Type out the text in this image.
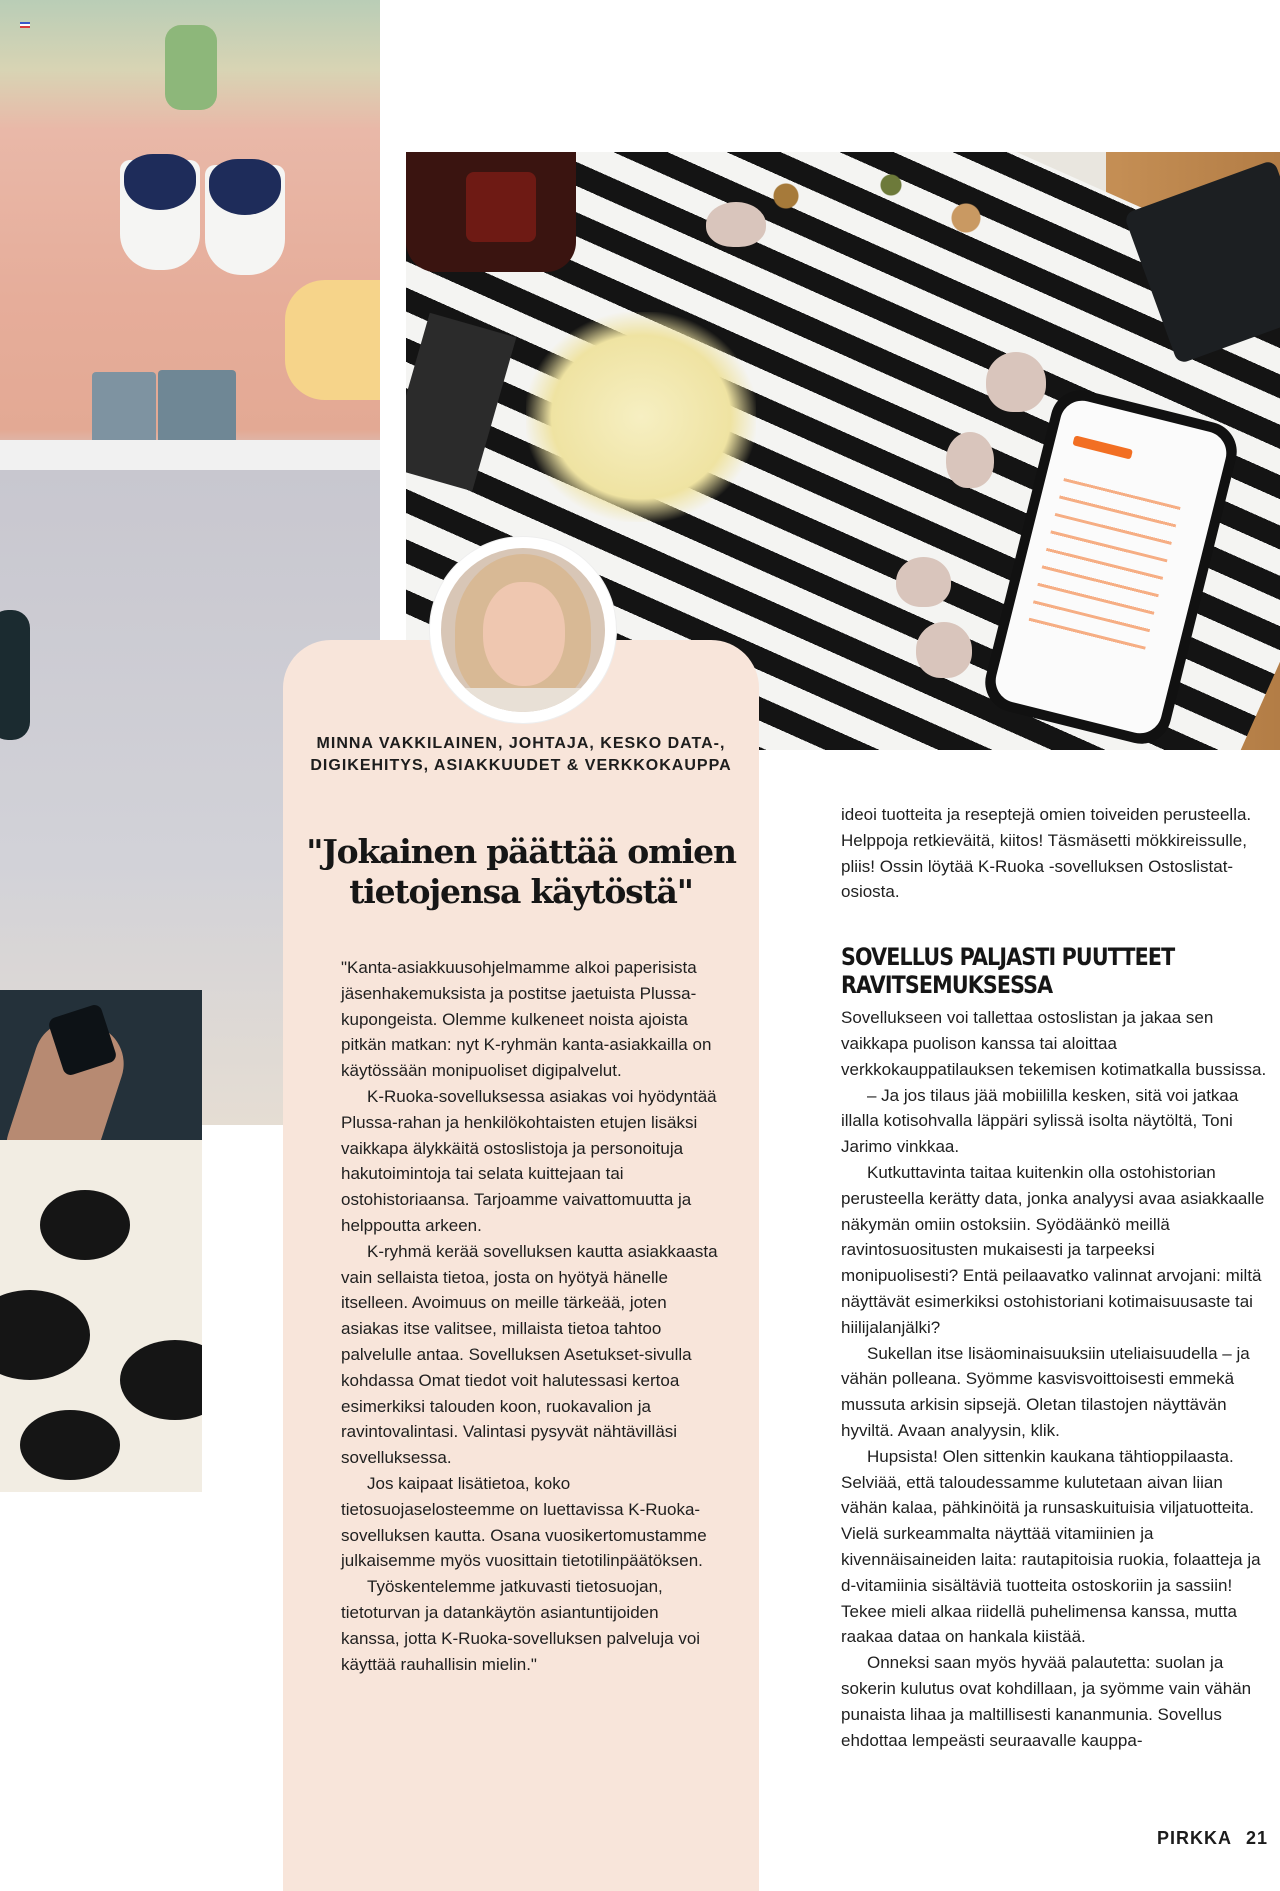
MINNA VAKKILAINEN, JOHTAJA, KESKO DATA-, DIGIKEHITYS, ASIAKKUUDET & VERKKOKAUPPA
"Jokainen päättää omien tietojensa käytöstä"

"Kanta-asiakkuusohjelmamme alkoi paperisista jäsenhakemuksista ja postitse jaetuista Plussa-kupongeista. Olemme kulkeneet noista ajoista pitkän matkan: nyt K-ryhmän kanta-asiakkailla on käytössään monipuoliset digipalvelut.

K-Ruoka-sovelluksessa asiakas voi hyödyntää Plussa-rahan ja henkilökohtaisten etujen lisäksi vaikkapa älykkäitä ostoslistoja ja personoituja hakutoimintoja tai selata kuittejaan tai ostohistoriaansa. Tarjoamme vaivattomuutta ja helppoutta arkeen.

K-ryhmä kerää sovelluksen kautta asiakkaasta vain sellaista tietoa, josta on hyötyä hänelle itselleen. Avoimuus on meille tärkeää, joten asiakas itse valitsee, millaista tietoa tahtoo palvelulle antaa. Sovelluksen Asetukset-sivulla kohdassa Omat tiedot voit halutessasi kertoa esimerkiksi talouden koon, ruokavalion ja ravintovalintasi. Valintasi pysyvät nähtävilläsi sovelluksessa.

Jos kaipaat lisätietoa, koko tietosuojaselosteemme on luettavissa K-Ruoka-sovelluksen kautta. Osana vuosikertomustamme julkaisemme myös vuosittain tietotilinpäätöksen.

Työskentelemme jatkuvasti tietosuojan, tietoturvan ja datankäytön asiantuntijoiden kanssa, jotta K-Ruoka-sovelluksen palveluja voi käyttää rauhallisin mielin."

ideoi tuotteita ja reseptejä omien toiveiden perusteella. Helppoja retkieväitä, kiitos! Täsmäsetti mökkireissulle, pliis! Ossin löytää K-Ruoka -sovelluksen Ostoslistat-osiosta.

SOVELLUS PALJASTI PUUTTEET RAVITSEMUKSESSA

Sovellukseen voi tallettaa ostoslistan ja jakaa sen vaikkapa puolison kanssa tai aloittaa verkkokauppatilauksen tekemisen kotimatkalla bussissa.

– Ja jos tilaus jää mobiililla kesken, sitä voi jatkaa illalla kotisohvalla läppäri sylissä isolta näytöltä, Toni Jarimo vinkkaa.

Kutkuttavinta taitaa kuitenkin olla ostohistorian perusteella kerätty data, jonka analyysi avaa asiakkaalle näkymän omiin ostoksiin. Syödäänkö meillä ravintosuositusten mukaisesti ja tarpeeksi monipuolisesti? Entä peilaavatko valinnat arvojani: miltä näyttävät esimerkiksi ostohistoriani kotimaisuusaste tai hiilijalanjälki?

Sukellan itse lisäominaisuuksiin uteliaisuudella – ja vähän polleana. Syömme kasvisvoittoisesti emmekä mussuta arkisin sipsejä. Oletan tilastojen näyttävän hyviltä. Avaan analyysin, klik.

Hupsista! Olen sittenkin kaukana tähtioppilaasta. Selviää, että taloudessamme kulutetaan aivan liian vähän kalaa, pähkinöitä ja runsaskuituisia viljatuotteita. Vielä surkeammalta näyttää vitamiinien ja kivennäisaineiden laita: rautapitoisia ruokia, folaatteja ja d-vitamiinia sisältäviä tuotteita ostoskoriin ja sassiin! Tekee mieli alkaa riidellä puhelimensa kanssa, mutta raakaa dataa on hankala kiistää.

Onneksi saan myös hyvää palautetta: suolan ja sokerin kulutus ovat kohdillaan, ja syömme vain vähän punaista lihaa ja maltillisesti kananmunia. Sovellus ehdottaa lempeästi seuraavalle kauppa-

PIRKKA 21
